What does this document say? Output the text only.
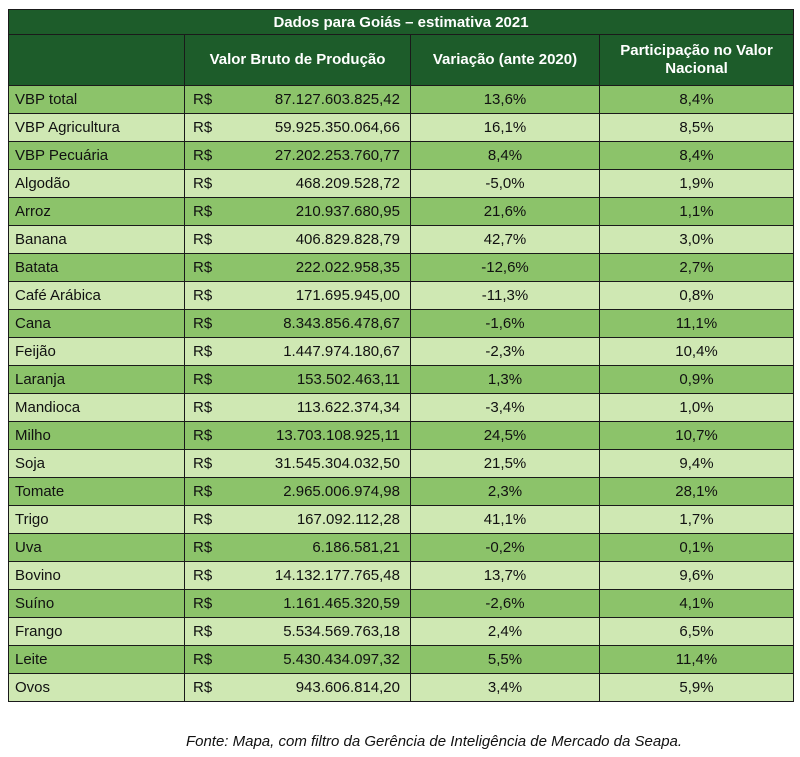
Dados para Goiás – estimativa 2021			
	Valor Bruto de Produção	Variação (ante 2020)	Participação no Valor Nacional
VBP total	R$ 87.127.603.825,42	13,6%	8,4%
VBP Agricultura	R$ 59.925.350.064,66	16,1%	8,5%
VBP Pecuária	R$ 27.202.253.760,77	8,4%	8,4%
Algodão	R$ 468.209.528,72	-5,0%	1,9%
Arroz	R$ 210.937.680,95	21,6%	1,1%
Banana	R$ 406.829.828,79	42,7%	3,0%
Batata	R$ 222.022.958,35	-12,6%	2,7%
Café Arábica	R$ 171.695.945,00	-11,3%	0,8%
Cana	R$ 8.343.856.478,67	-1,6%	11,1%
Feijão	R$ 1.447.974.180,67	-2,3%	10,4%
Laranja	R$ 153.502.463,11	1,3%	0,9%
Mandioca	R$ 113.622.374,34	-3,4%	1,0%
Milho	R$ 13.703.108.925,11	24,5%	10,7%
Soja	R$ 31.545.304.032,50	21,5%	9,4%
Tomate	R$ 2.965.006.974,98	2,3%	28,1%
Trigo	R$ 167.092.112,28	41,1%	1,7%
Uva	R$ 6.186.581,21	-0,2%	0,1%
Bovino	R$ 14.132.177.765,48	13,7%	9,6%
Suíno	R$ 1.161.465.320,59	-2,6%	4,1%
Frango	R$ 5.534.569.763,18	2,4%	6,5%
Leite	R$ 5.430.434.097,32	5,5%	11,4%
Ovos	R$ 943.606.814,20	3,4%	5,9%
Fonte: Mapa, com filtro da Gerência de Inteligência de Mercado da Seapa.
